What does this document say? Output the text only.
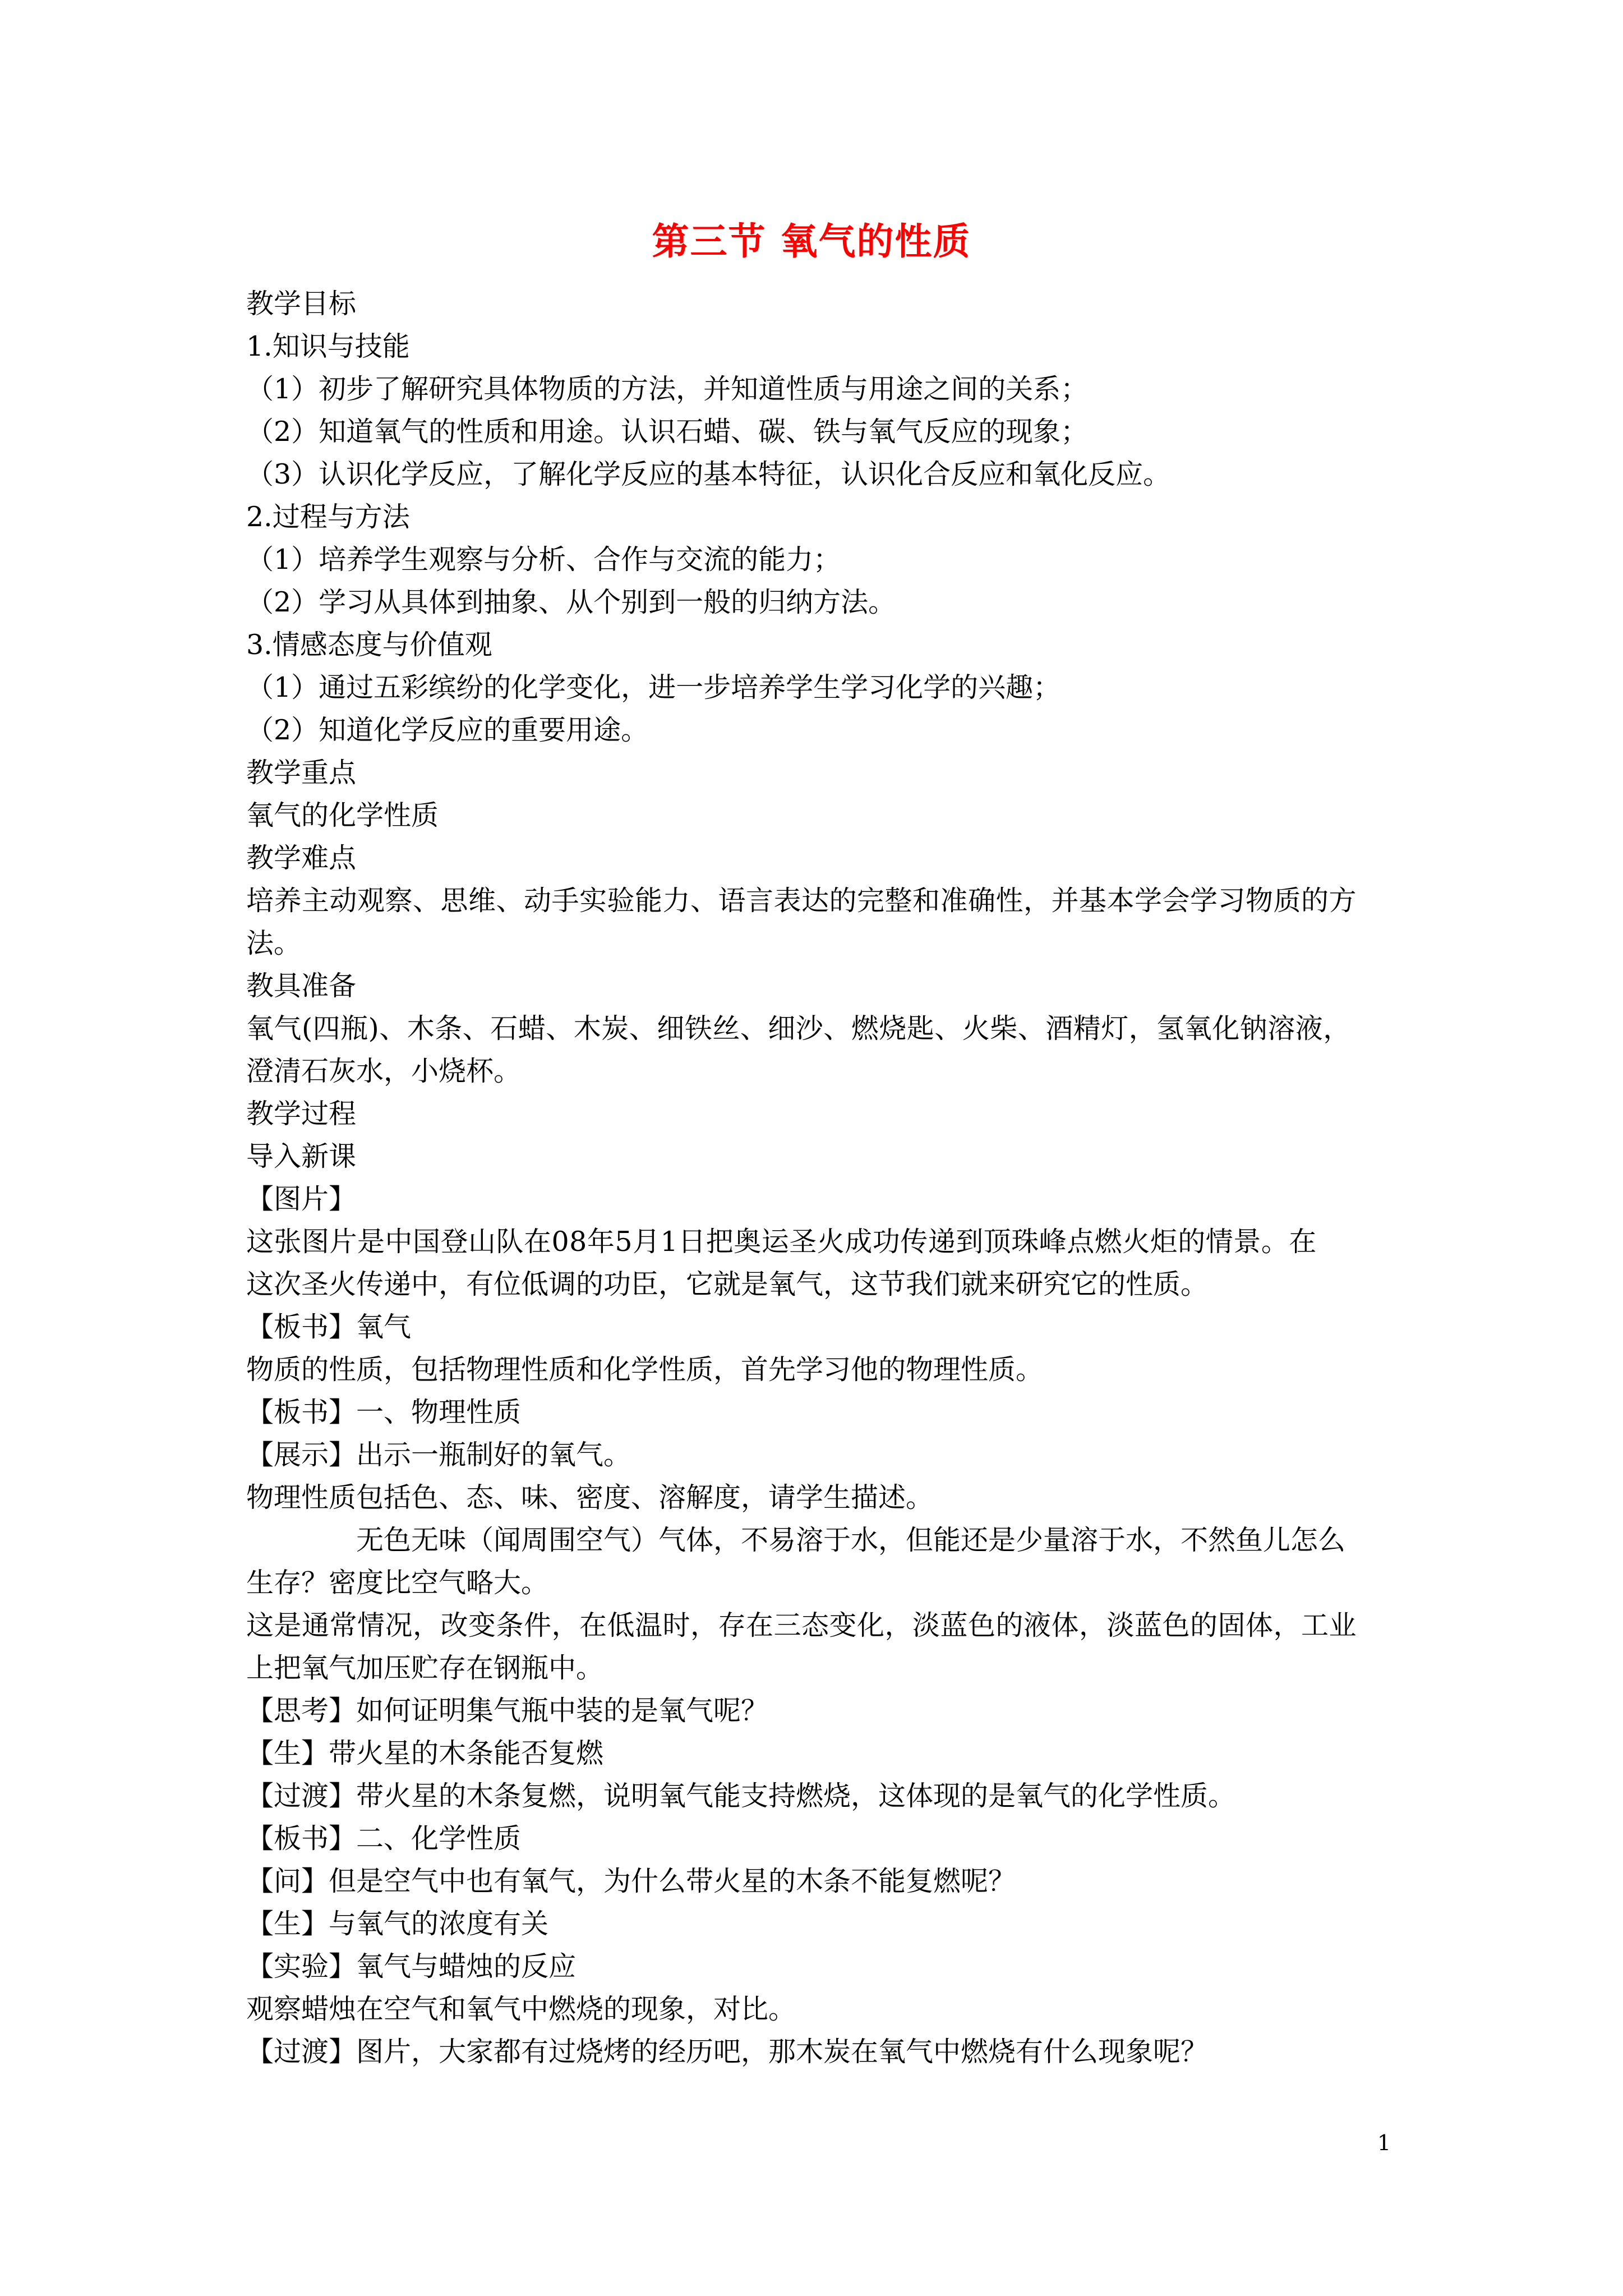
第三节 氧气的性质
教学目标
1.知识与技能
（1）初步了解研究具体物质的方法，并知道性质与用途之间的关系；
（2）知道氧气的性质和用途。认识石蜡、碳、铁与氧气反应的现象；
（3）认识化学反应，了解化学反应的基本特征，认识化合反应和氧化反应。
2.过程与方法
（1）培养学生观察与分析、合作与交流的能力；
（2）学习从具体到抽象、从个别到一般的归纳方法。
3.情感态度与价值观
（1）通过五彩缤纷的化学变化，进一步培养学生学习化学的兴趣；
（2）知道化学反应的重要用途。
教学重点
氧气的化学性质
教学难点
培养主动观察、思维、动手实验能力、语言表达的完整和准确性，并基本学会学习物质的方
法。
教具准备
氧气(四瓶)、木条、石蜡、木炭、细铁丝、细沙、燃烧匙、火柴、酒精灯，氢氧化钠溶液，
澄清石灰水，小烧杯。
教学过程
导入新课
【图片】
这张图片是中国登山队在08年5月1日把奥运圣火成功传递到顶珠峰点燃火炬的情景。在
这次圣火传递中，有位低调的功臣，它就是氧气，这节我们就来研究它的性质。
【板书】氧气
物质的性质，包括物理性质和化学性质，首先学习他的物理性质。
【板书】一、物理性质
【展示】出示一瓶制好的氧气。
物理性质包括色、态、味、密度、溶解度，请学生描述。
无色无味（闻周围空气）气体，不易溶于水，但能还是少量溶于水，不然鱼儿怎么
生存？密度比空气略大。
这是通常情况，改变条件，在低温时，存在三态变化，淡蓝色的液体，淡蓝色的固体，工业
上把氧气加压贮存在钢瓶中。
【思考】如何证明集气瓶中装的是氧气呢？
【生】带火星的木条能否复燃
【过渡】带火星的木条复燃，说明氧气能支持燃烧，这体现的是氧气的化学性质。
【板书】二、化学性质
【问】但是空气中也有氧气，为什么带火星的木条不能复燃呢？
【生】与氧气的浓度有关
【实验】氧气与蜡烛的反应
观察蜡烛在空气和氧气中燃烧的现象，对比。
【过渡】图片，大家都有过烧烤的经历吧，那木炭在氧气中燃烧有什么现象呢？
1
